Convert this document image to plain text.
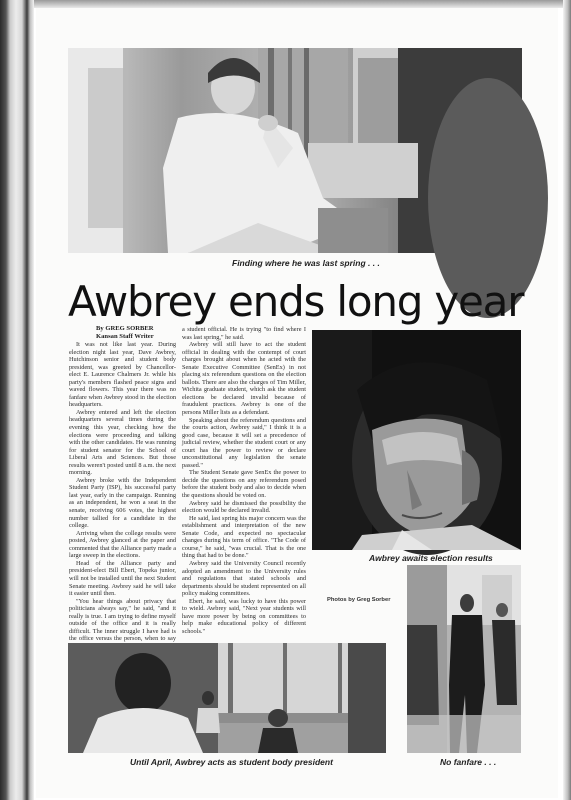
Finding where he was last spring . . .
Awbrey ends long year
By GREG SORBER
Kansan Staff Writer

It was not like last year. During election night last year, Dave Awbrey, Hutchinson senior and student body president, was greeted by Chancellor-elect E. Laurence Chalmers Jr. while his party's members flashed peace signs and waved flowers. This year there was no fanfare when Awbrey stood in the election headquarters.

Awbrey entered and left the election headquarters several times during the evening this year, checking how the elections were proceeding and talking with the other candidates. He was running for student senator for the School of Liberal Arts and Sciences. But those results weren't posted until 8 a.m. the next morning.

Awbrey broke with the Independent Student Party (ISP), his successful party last year, early in the campaign. Running as an independent, he won a seat in the senate, receiving 606 votes, the highest number tallied for a candidate in the college.

Arriving when the college results were posted, Awbrey glanced at the paper and commented that the Alliance party made a large sweep in the elections.

Head of the Alliance party and president-elect Bill Ebert, Topeka junior, will not be installed until the next Student Senate meeting. Awbrey said he will take it easier until then.

"You hear things about privacy that politicians always say," he said, "and it really is true. I am trying to define myself outside of the office and it is really difficult. The inner struggle I have had is the office versus the person, when to say

a student official. He is trying "to find where I was last spring," he said.

Awbrey will still have to act the student official in dealing with the contempt of court charges brought about when he acted with the Senate Executive Committee (SenEx) in not placing six referendum questions on the election ballots. There are also the charges of Tim Miller, Wichita graduate student, which ask the student elections be declared invalid because of fraudulent practices. Awbrey is one of the persons Miller lists as a defendant.

Speaking about the referendum questions and the courts action, Awbrey said," I think it is a good case, because it will set a precedence of judicial review, whether the student court or any court has the power to review or declare unconstitutional any legislation the senate passed."

The Student Senate gave SenEx the power to decide the questions on any referendum posed before the student body and also to decide when the questions should be voted on.

Awbrey said he dismissed the possibility the election would be declared invalid.

He said, last spring his major concern was the establishment and interpretation of the new Senate Code, and expected no spectacular changes during his term of office. "The Code of course," he said, "was crucial. That is the one thing that had to be done."

Awbrey said the University Council recently adopted an amendment to the University rules and regulations that stated schools and departments should be student represented on all policy making committees.

Ebert, he said, was lucky to have this power to wield. Awbrey said, "Next year students will have more power by being on committees to help make educational policy of different schools."

Awbrey awaits election results
Photos by Greg Sorber
No fanfare . . .
Until April, Awbrey acts as student body president
